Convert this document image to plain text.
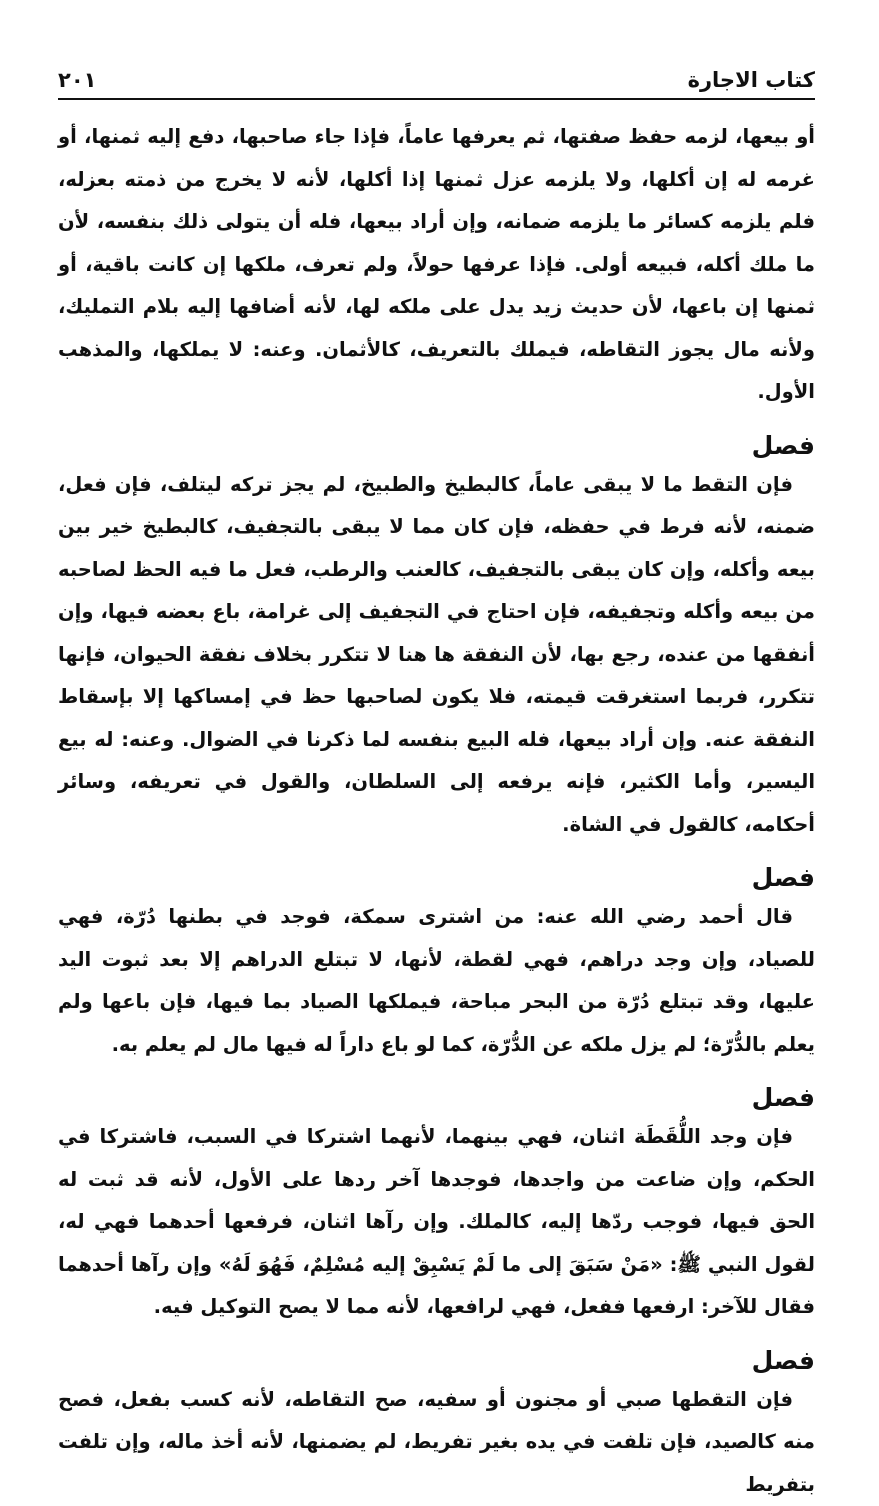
كتاب الاجارة
٢٠١

أو بيعها، لزمه حفظ صفتها، ثم يعرفها عاماً، فإذا جاء صاحبها، دفع إليه ثمنها، أو غرمه له إن أكلها، ولا يلزمه عزل ثمنها إذا أكلها، لأنه لا يخرج من ذمته بعزله، فلم يلزمه كسائر ما يلزمه ضمانه، وإن أراد بيعها، فله أن يتولى ذلك بنفسه، لأن ما ملك أكله، فبيعه أولى. فإذا عرفها حولاً، ولم تعرف، ملكها إن كانت باقية، أو ثمنها إن باعها، لأن حديث زيد يدل على ملكه لها، لأنه أضافها إليه بلام التمليك، ولأنه مال يجوز التقاطه، فيملك بالتعريف، كالأثمان. وعنه: لا يملكها، والمذهب الأول.

فصل

فإن التقط ما لا يبقى عاماً، كالبطيخ والطبيخ، لم يجز تركه ليتلف، فإن فعل، ضمنه، لأنه فرط في حفظه، فإن كان مما لا يبقى بالتجفيف، كالبطيخ خير بين بيعه وأكله، وإن كان يبقى بالتجفيف، كالعنب والرطب، فعل ما فيه الحظ لصاحبه من بيعه وأكله وتجفيفه، فإن احتاج في التجفيف إلى غرامة، باع بعضه فيها، وإن أنفقها من عنده، رجع بها، لأن النفقة ها هنا لا تتكرر بخلاف نفقة الحيوان، فإنها تتكرر، فربما استغرقت قيمته، فلا يكون لصاحبها حظ في إمساكها إلا بإسقاط النفقة عنه. وإن أراد بيعها، فله البيع بنفسه لما ذكرنا في الضوال. وعنه: له بيع اليسير، وأما الكثير، فإنه يرفعه إلى السلطان، والقول في تعريفه، وسائر أحكامه، كالقول في الشاة.

فصل

قال أحمد رضي الله عنه: من اشترى سمكة، فوجد في بطنها دُرّة، فهي للصياد، وإن وجد دراهم، فهي لقطة، لأنها، لا تبتلع الدراهم إلا بعد ثبوت اليد عليها، وقد تبتلع دُرّة من البحر مباحة، فيملكها الصياد بما فيها، فإن باعها ولم يعلم بالدُّرّة؛ لم يزل ملكه عن الدُّرّة، كما لو باع داراً له فيها مال لم يعلم به.

فصل

فإن وجد اللُّقَطَة اثنان، فهي بينهما، لأنهما اشتركا في السبب، فاشتركا في الحكم، وإن ضاعت من واجدها، فوجدها آخر ردها على الأول، لأنه قد ثبت له الحق فيها، فوجب ردّها إليه، كالملك. وإن رآها اثنان، فرفعها أحدهما فهي له، لقول النبي ﷺ: «مَنْ سَبَقَ إلى ما لَمْ يَسْبِقْ إليه مُسْلِمٌ، فَهُوَ لَهُ» وإن رآها أحدهما فقال للآخر: ارفعها ففعل، فهي لرافعها، لأنه مما لا يصح التوكيل فيه.

فصل

فإن التقطها صبي أو مجنون أو سفيه، صح التقاطه، لأنه كسب بفعل، فصح منه كالصيد، فإن تلفت في يده بغير تفريط، لم يضمنها، لأنه أخذ ماله، وإن تلفت بتفريط
